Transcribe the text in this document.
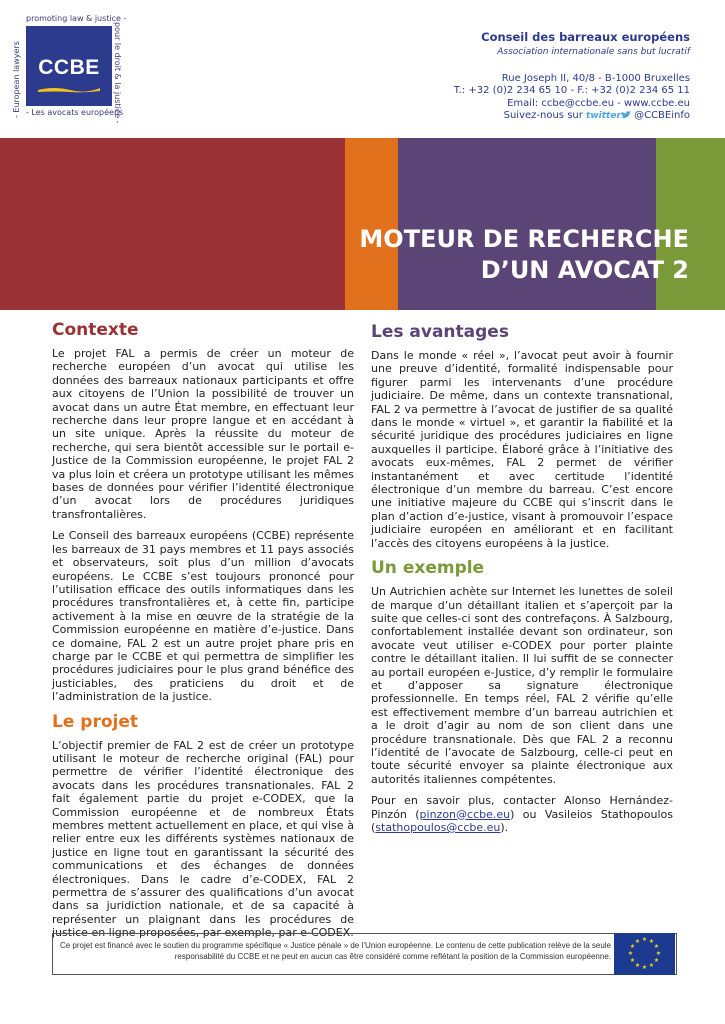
promoting law & justice -
- European lawyers	pour le droit & la justice -
CCBE
- Les avocats européens
Conseil des barreaux européens
Association internationale sans but lucratif
Rue Joseph II, 40/8 - B-1000 Bruxelles
T.: +32 (0)2 234 65 10 - F.: +32 (0)2 234 65 11
Email: ccbe@ccbe.eu - www.ccbe.eu
Suivez-nous sur twitter @CCBEinfo
MOTEUR DE RECHERCHE
D’UN AVOCAT 2
Contexte

Le projet FAL a permis de créer un moteur de recherche européen d’un avocat qui utilise les données des barreaux nationaux participants et offre aux citoyens de l’Union la possibilité de trouver un avocat dans un autre État membre, en effectuant leur recherche dans leur propre langue et en accédant à un site unique. Après la réussite du moteur de recherche, qui sera bientôt accessible sur le portail e-Justice de la Commission européenne, le projet FAL 2 va plus loin et créera un prototype utilisant les mêmes bases de données pour vérifier l’identité électronique d’un avocat lors de procédures juridiques transfrontalières.

Le Conseil des barreaux européens (CCBE) représente les barreaux de 31 pays membres et 11 pays associés et observateurs, soit plus d’un million d’avocats européens. Le CCBE s’est toujours prononcé pour l’utilisation efficace des outils informatiques dans les procédures transfrontalières et, à cette fin, participe activement à la mise en œuvre de la stratégie de la Commission européenne en matière d’e-justice. Dans ce domaine, FAL 2 est un autre projet phare pris en charge par le CCBE et qui permettra de simplifier les procédures judiciaires pour le plus grand bénéfice des justiciables, des praticiens du droit et de l’administration de la justice.

Le projet

L’objectif premier de FAL 2 est de créer un prototype utilisant le moteur de recherche original (FAL) pour permettre de vérifier l’identité électronique des avocats dans les procédures transnationales. FAL 2 fait également partie du projet e-CODEX, que la Commission européenne et de nombreux États membres mettent actuellement en place, et qui vise à relier entre eux les différents systèmes nationaux de justice en ligne tout en garantissant la sécurité des communications et des échanges de données électroniques. Dans le cadre d’e-CODEX, FAL 2 permettra de s’assurer des qualifications d’un avocat dans sa juridiction nationale, et de sa capacité à représenter un plaignant dans les procédures de justice en ligne proposées, par exemple, par e-CODEX.

Les avantages

Dans le monde « réel », l’avocat peut avoir à fournir une preuve d’identité, formalité indispensable pour figurer parmi les intervenants d’une procédure judiciaire. De même, dans un contexte transnational, FAL 2 va permettre à l’avocat de justifier de sa qualité dans le monde « virtuel », et garantir la fiabilité et la sécurité juridique des procédures judiciaires en ligne auxquelles il participe. Élaboré grâce à l’initiative des avocats eux-mêmes, FAL 2 permet de vérifier instantanément et avec certitude l’identité électronique d’un membre du barreau. C’est encore une initiative majeure du CCBE qui s’inscrit dans le plan d’action d’e-justice, visant à promouvoir l’espace judiciaire européen en améliorant et en facilitant l’accès des citoyens européens à la justice.

Un exemple

Un Autrichien achète sur Internet les lunettes de soleil de marque d’un détaillant italien et s’aperçoit par la suite que celles-ci sont des contrefaçons. À Salzbourg, confortablement installée devant son ordinateur, son avocate veut utiliser e-CODEX pour porter plainte contre le détaillant italien. Il lui suffit de se connecter au portail européen e-Justice, d’y remplir le formulaire et d’apposer sa signature électronique professionnelle. En temps réel, FAL 2 vérifie qu’elle est effectivement membre d’un barreau autrichien et a le droit d’agir au nom de son client dans une procédure transnationale. Dès que FAL 2 a reconnu l’identité de l’avocate de Salzbourg, celle-ci peut en toute sécurité envoyer sa plainte électronique aux autorités italiennes compétentes.

Pour en savoir plus, contacter Alonso Hernández-Pinzón (pinzon@ccbe.eu) ou Vasileios Stathopoulos (stathopoulos@ccbe.eu).

Ce projet est financé avec le soutien du programme spécifique « Justice pénale » de l’Union européenne. Le contenu de cette publication relève de la seule responsabilité du CCBE et ne peut en aucun cas être considéré comme reflétant la position de la Commission européenne.
★ ★
★
★
★
★
★
★
★
★
★
★
